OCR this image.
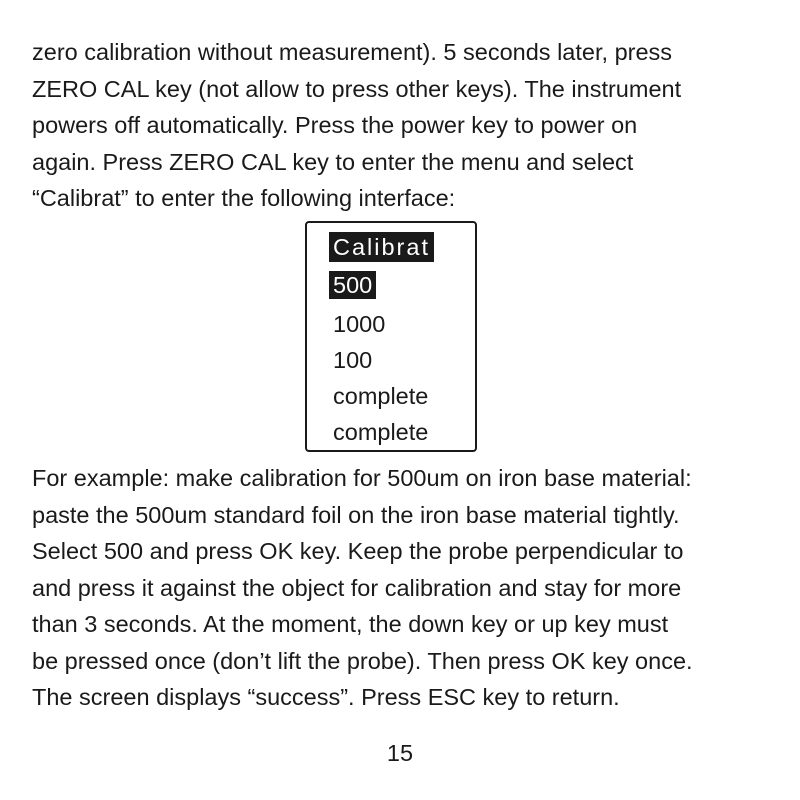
zero calibration without measurement). 5 seconds later, press
ZERO CAL key (not allow to press other keys). The instrument
powers off automatically. Press the power key to power on
again. Press ZERO CAL key to enter the menu and select
“Calibrat” to enter the following interface:
Calibrat
500
1000
100
complete
complete
For example: make calibration for 500um on iron base material:
paste the 500um standard foil on the iron base material tightly.
Select 500 and press OK key. Keep the probe perpendicular to
and press it against the object for calibration and stay for more
than 3 seconds. At the moment, the down key or up key must
be pressed once (don’t lift the probe). Then press OK key once.
The screen displays “success”. Press ESC key to return.
15
